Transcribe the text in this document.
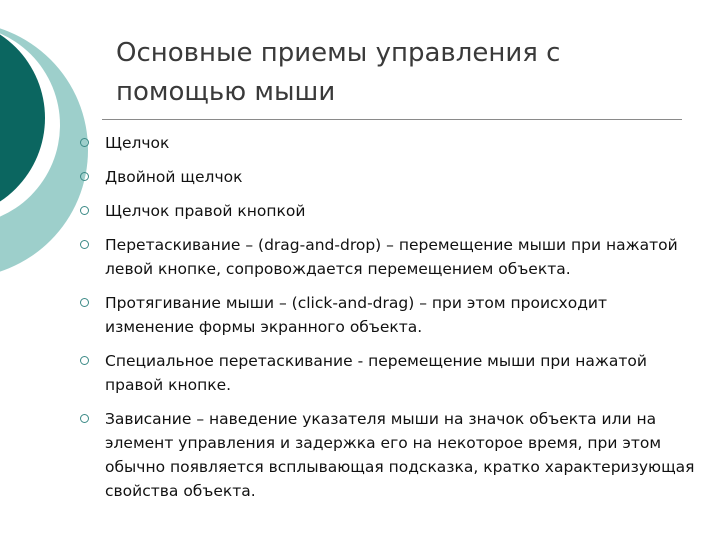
Основные приемы управления с
помощью мыши
Щелчок
Двойной щелчок
Щелчок правой кнопкой
Перетаскивание – (drag-and-drop) – перемещение мыши при нажатой левой кнопке, сопровождается перемещением объекта.
Протягивание мыши – (click-and-drag) – при этом происходит изменение формы экранного объекта.
Специальное перетаскивание - перемещение мыши при нажатой правой кнопке.
Зависание – наведение указателя мыши на значок объекта или на элемент управления и задержка его на некоторое время, при этом обычно появляется всплывающая подсказка, кратко характеризующая свойства объекта.
